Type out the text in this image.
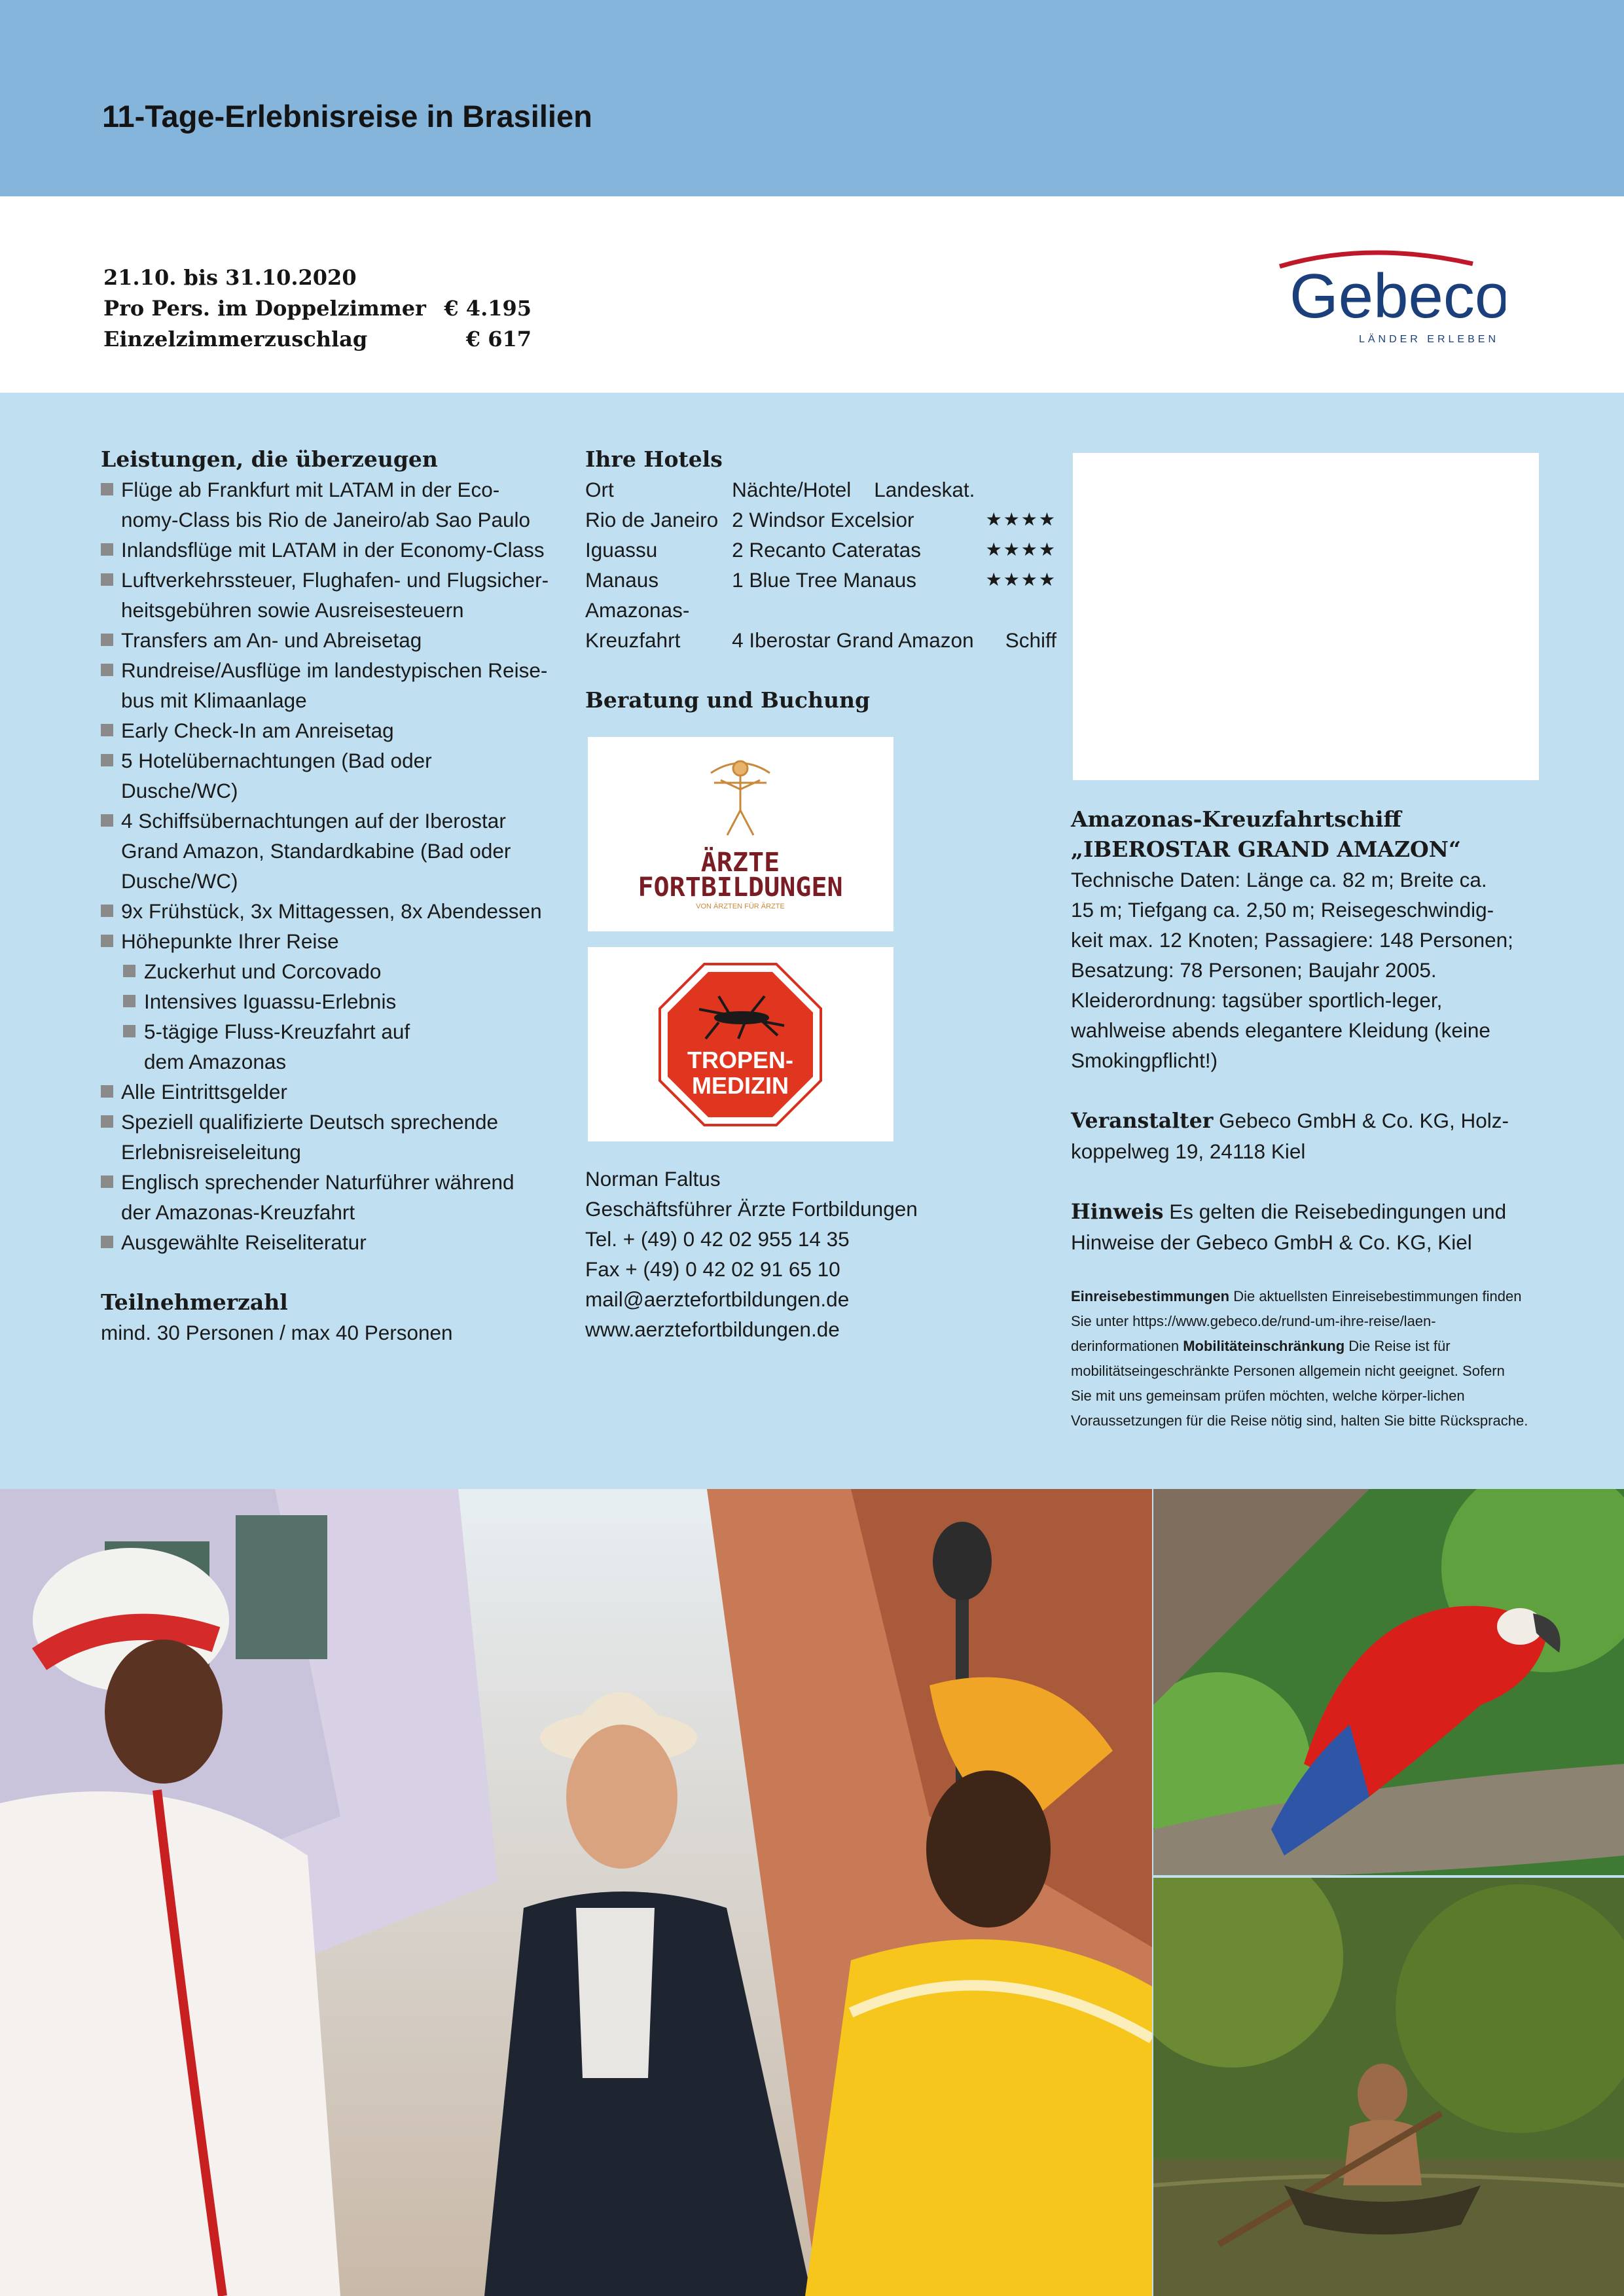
11-Tage-Erlebnisreise in Brasilien
21.10. bis 31.10.2020
Pro Pers. im Doppelzimmer € 4.195
Einzelzimmerzuschlag	€ 617
Gebeco
LÄNDER ERLEBEN
Leistungen, die überzeugen
Flüge ab Frankfurt mit LATAM in der Eco-
nomy-Class bis Rio de Janeiro/ab Sao Paulo
Inlandsflüge mit LATAM in der Economy-Class
Luftverkehrssteuer, Flughafen- und Flugsicher-
heitsgebühren sowie Ausreisesteuern
Transfers am An- und Abreisetag
Rundreise/Ausflüge im landestypischen Reise-
bus mit Klimaanlage
Early Check-In am Anreisetag
5 Hotelübernachtungen (Bad oder
Dusche/WC)
4 Schiffsübernachtungen auf der Iberostar
Grand Amazon, Standardkabine (Bad oder
Dusche/WC)
9x Frühstück, 3x Mittagessen, 8x Abendessen
Höhepunkte Ihrer Reise
Zuckerhut und Corcovado
Intensives Iguassu-Erlebnis
5-tägige Fluss-Kreuzfahrt auf
dem Amazonas
Alle Eintrittsgelder
Speziell qualifizierte Deutsch sprechende
Erlebnisreiseleitung
Englisch sprechender Naturführer während
der Amazonas-Kreuzfahrt
Ausgewählte Reiseliteratur
Teilnehmerzahl
mind. 30 Personen / max 40 Personen
Ihre Hotels
Ort	Nächte/Hotel Landeskat.	
Rio de Janeiro	2 Windsor Excelsior	★★★★
Iguassu	2 Recanto Cateratas	★★★★
Manaus	1 Blue Tree Manaus	★★★★
Amazonas-		
Kreuzfahrt	4 Iberostar Grand Amazon	Schiff
Beratung und Buchung
ÄRZTE
FORTBILDUNGEN
VON ÄRZTEN FÜR ÄRZTE
TROPEN-
MEDIZIN
Norman Faltus
Geschäftsführer Ärzte Fortbildungen
Tel. + (49) 0 42 02 955 14 35
Fax + (49) 0 42 02 91 65 10
mail@aerztefortbildungen.de
www.aerztefortbildungen.de
Amazonas-Kreuzfahrtschiff
„IBEROSTAR GRAND AMAZON“
Technische Daten: Länge ca. 82 m; Breite ca.
15 m; Tiefgang ca. 2,50 m; Reisegeschwindig-
keit max. 12 Knoten; Passagiere: 148 Personen;
Besatzung: 78 Personen; Baujahr 2005.
Kleiderordnung: tagsüber sportlich-leger,
wahlweise abends elegantere Kleidung (keine
Smokingpflicht!)
Veranstalter Gebeco GmbH & Co. KG, Holz-
koppelweg 19, 24118 Kiel
Hinweis Es gelten die Reisebedingungen und
Hinweise der Gebeco GmbH & Co. KG, Kiel
Einreisebestimmungen Die aktuellsten Einreisebestimmungen finden Sie unter https://www.gebeco.de/rund-um-ihre-reise/laen-derinformationen Mobilitäteinschränkung Die Reise ist für mobilitätseingeschränkte Personen allgemein nicht geeignet. Sofern Sie mit uns gemeinsam prüfen möchten, welche körper-lichen Voraussetzungen für die Reise nötig sind, halten Sie bitte Rücksprache.
